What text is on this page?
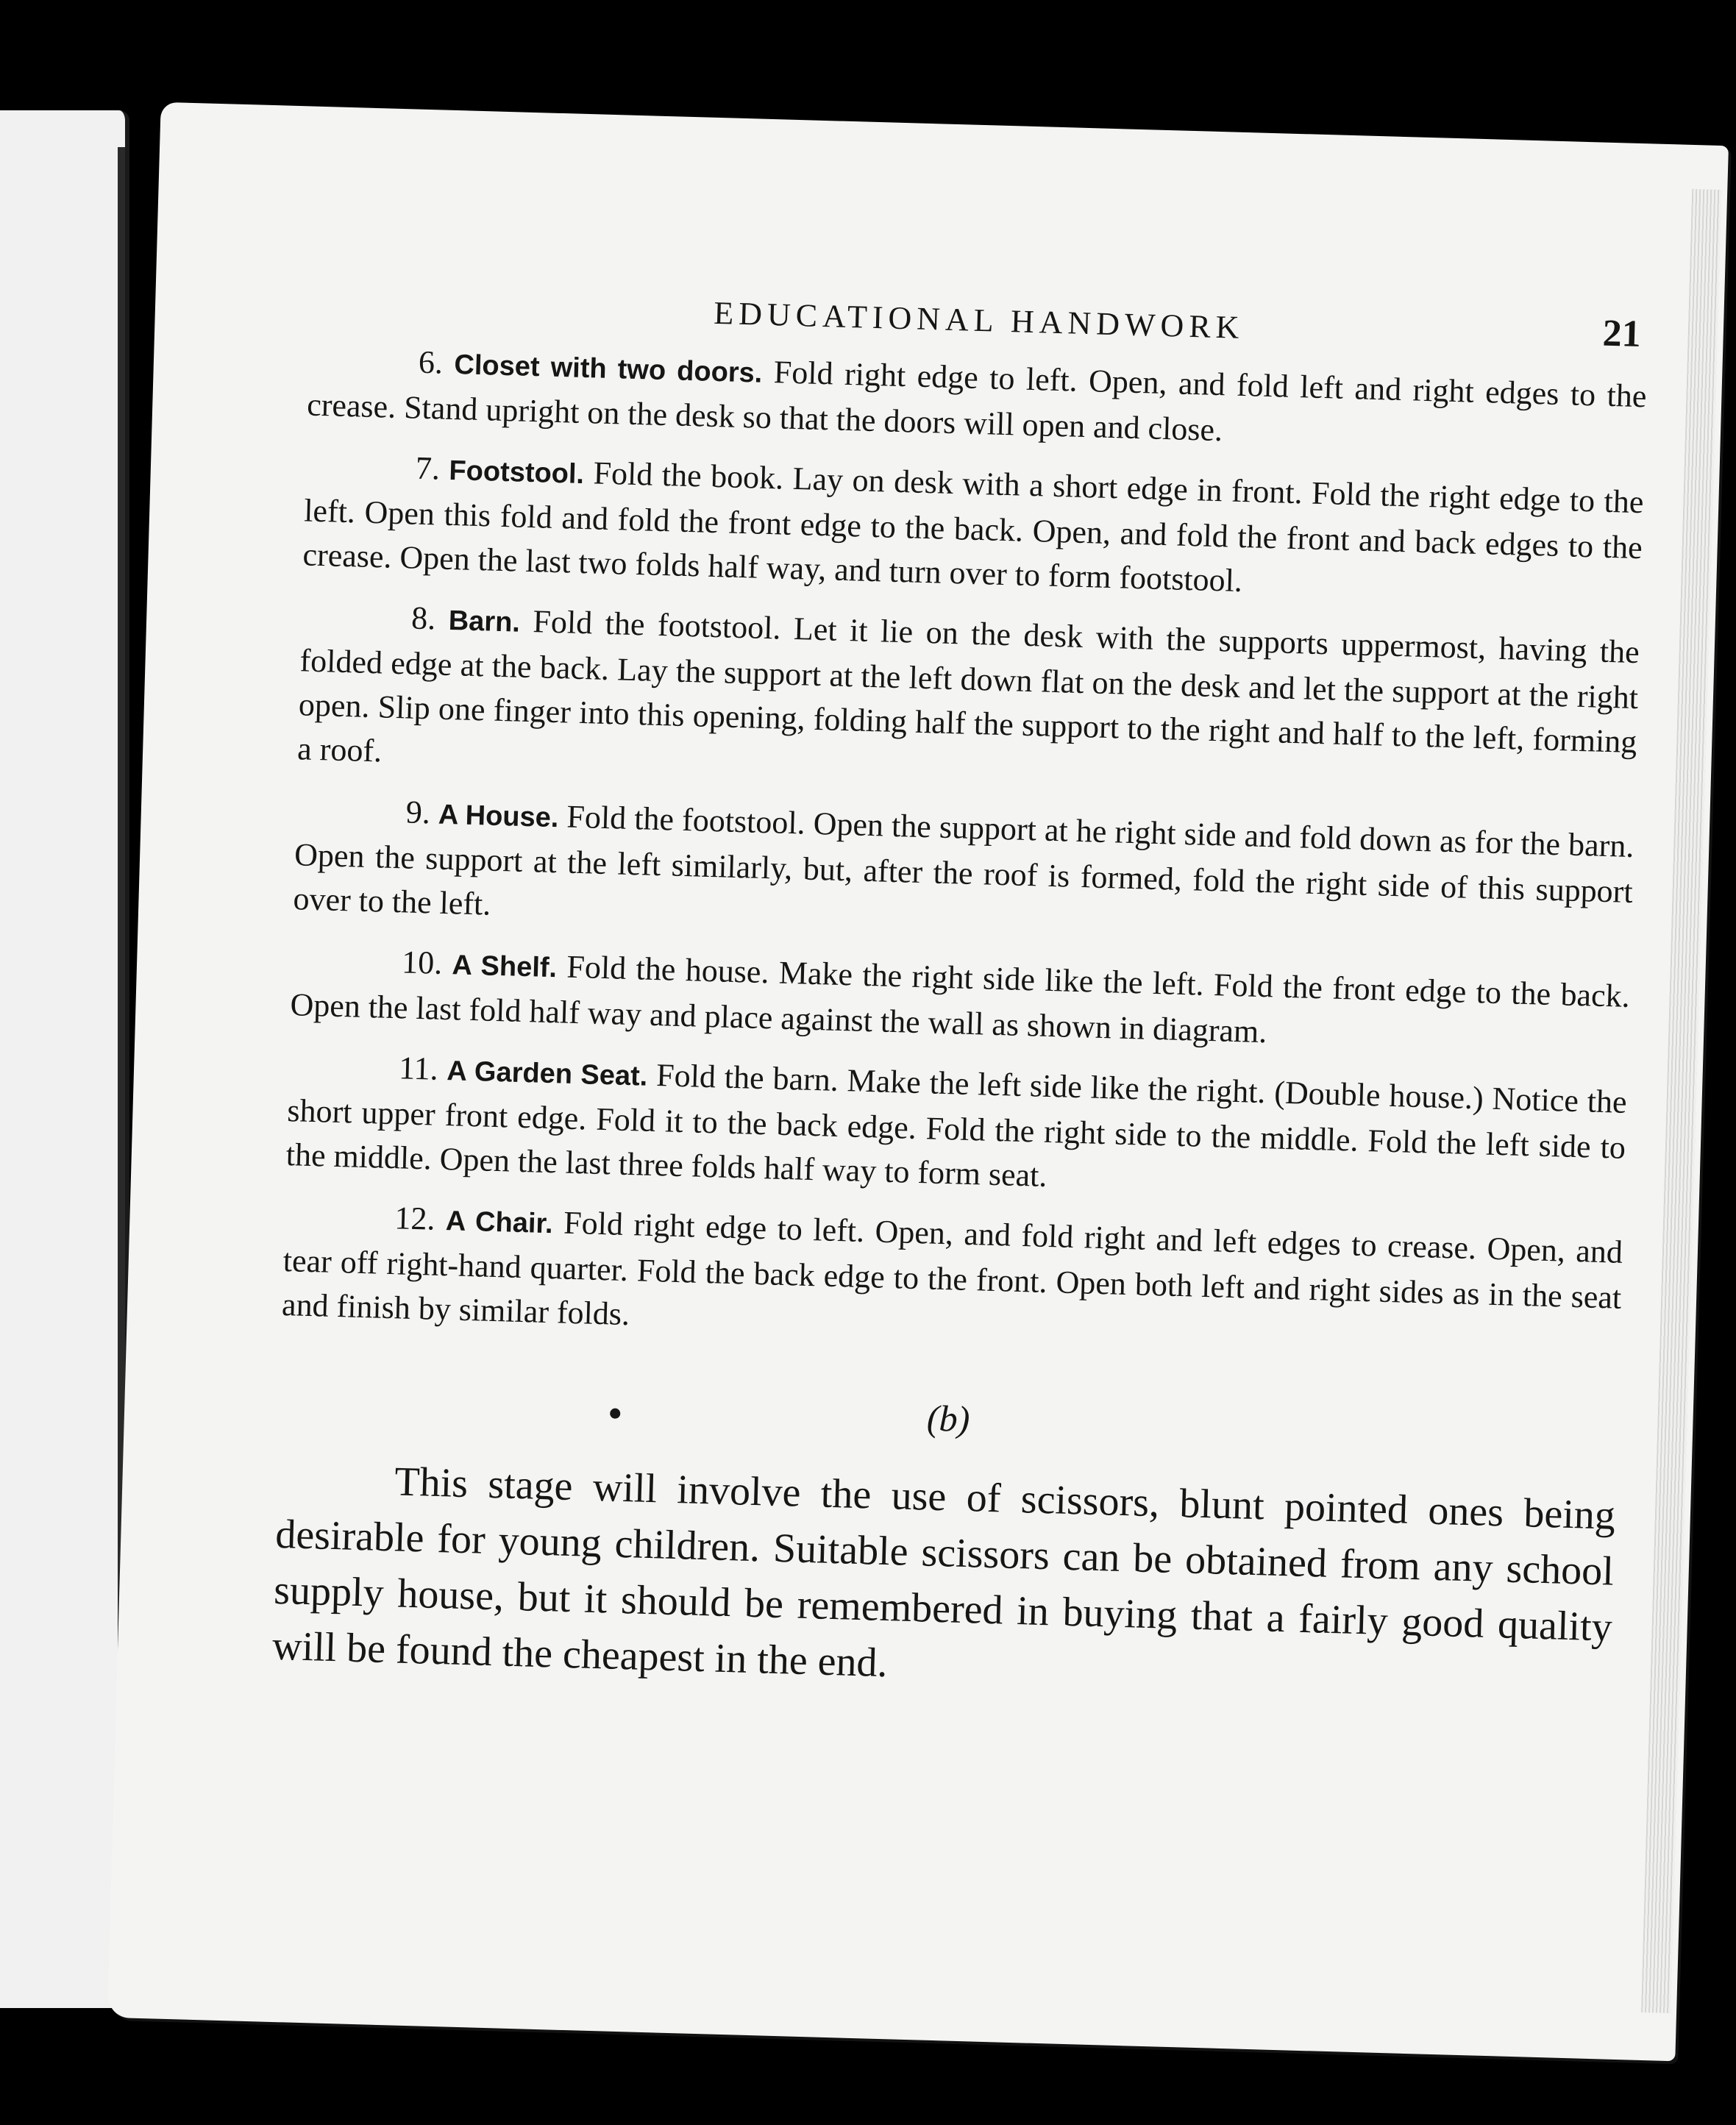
EDUCATIONAL HANDWORK	21

6. Closet with two doors. Fold right edge to left. Open, and fold left and right edges to the crease. Stand upright on the desk so that the doors will open and close.

7. Footstool. Fold the book. Lay on desk with a short edge in front. Fold the right edge to the left. Open this fold and fold the front edge to the back. Open, and fold the front and back edges to the crease. Open the last two folds half way, and turn over to form footstool.

8. Barn. Fold the footstool. Let it lie on the desk with the supports uppermost, having the folded edge at the back. Lay the support at the left down flat on the desk and let the support at the right open. Slip one finger into this opening, folding half the support to the right and half to the left, forming a roof.

9. A House. Fold the footstool. Open the support at he right side and fold down as for the barn. Open the support at the left similarly, but, after the roof is formed, fold the right side of this support over to the left.

10. A Shelf. Fold the house. Make the right side like the left. Fold the front edge to the back. Open the last fold half way and place against the wall as shown in diagram.

11. A Garden Seat. Fold the barn. Make the left side like the right. (Double house.) Notice the short upper front edge. Fold it to the back edge. Fold the right side to the middle. Fold the left side to the middle. Open the last three folds half way to form seat.

12. A Chair. Fold right edge to left. Open, and fold right and left edges to crease. Open, and tear off right-hand quarter. Fold the back edge to the front. Open both left and right sides as in the seat and finish by similar folds.

(b)

This stage will involve the use of scissors, blunt pointed ones being desirable for young children. Suitable scissors can be obtained from any school supply house, but it should be remembered in buying that a fairly good quality will be found the cheapest in the end.
